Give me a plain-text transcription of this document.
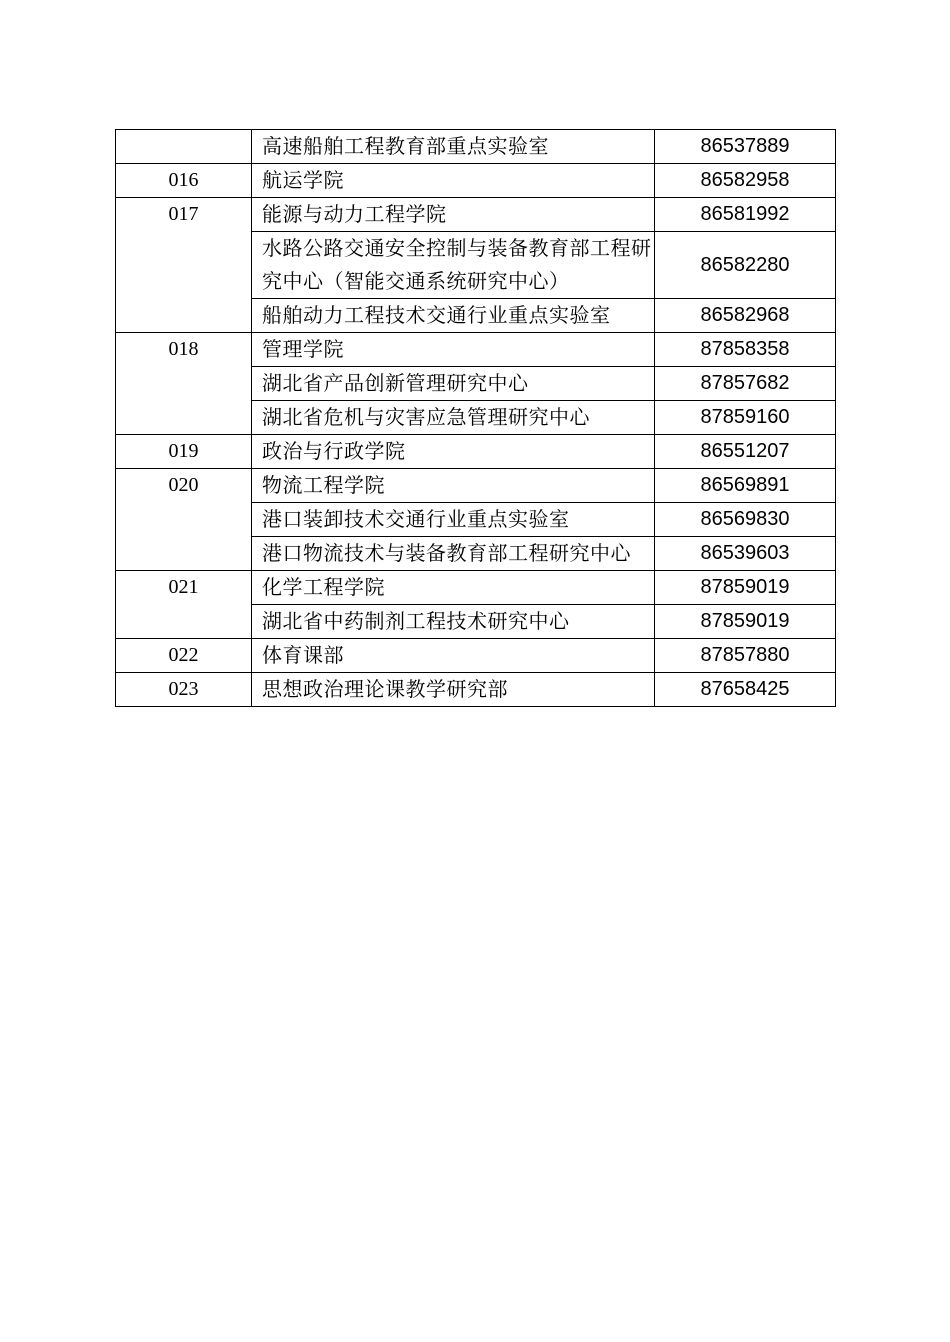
	高速船舶工程教育部重点实验室	86537889
016	航运学院	86582958
017	能源与动力工程学院	86581992
	水路公路交通安全控制与装备教育部工程研究中心（智能交通系统研究中心）	86582280
	船舶动力工程技术交通行业重点实验室	86582968
018	管理学院	87858358
	湖北省产品创新管理研究中心	87857682
	湖北省危机与灾害应急管理研究中心	87859160
019	政治与行政学院	86551207
020	物流工程学院	86569891
	港口装卸技术交通行业重点实验室	86569830
	港口物流技术与装备教育部工程研究中心	86539603
021	化学工程学院	87859019
	湖北省中药制剂工程技术研究中心	87859019
022	体育课部	87857880
023	思想政治理论课教学研究部	87658425
